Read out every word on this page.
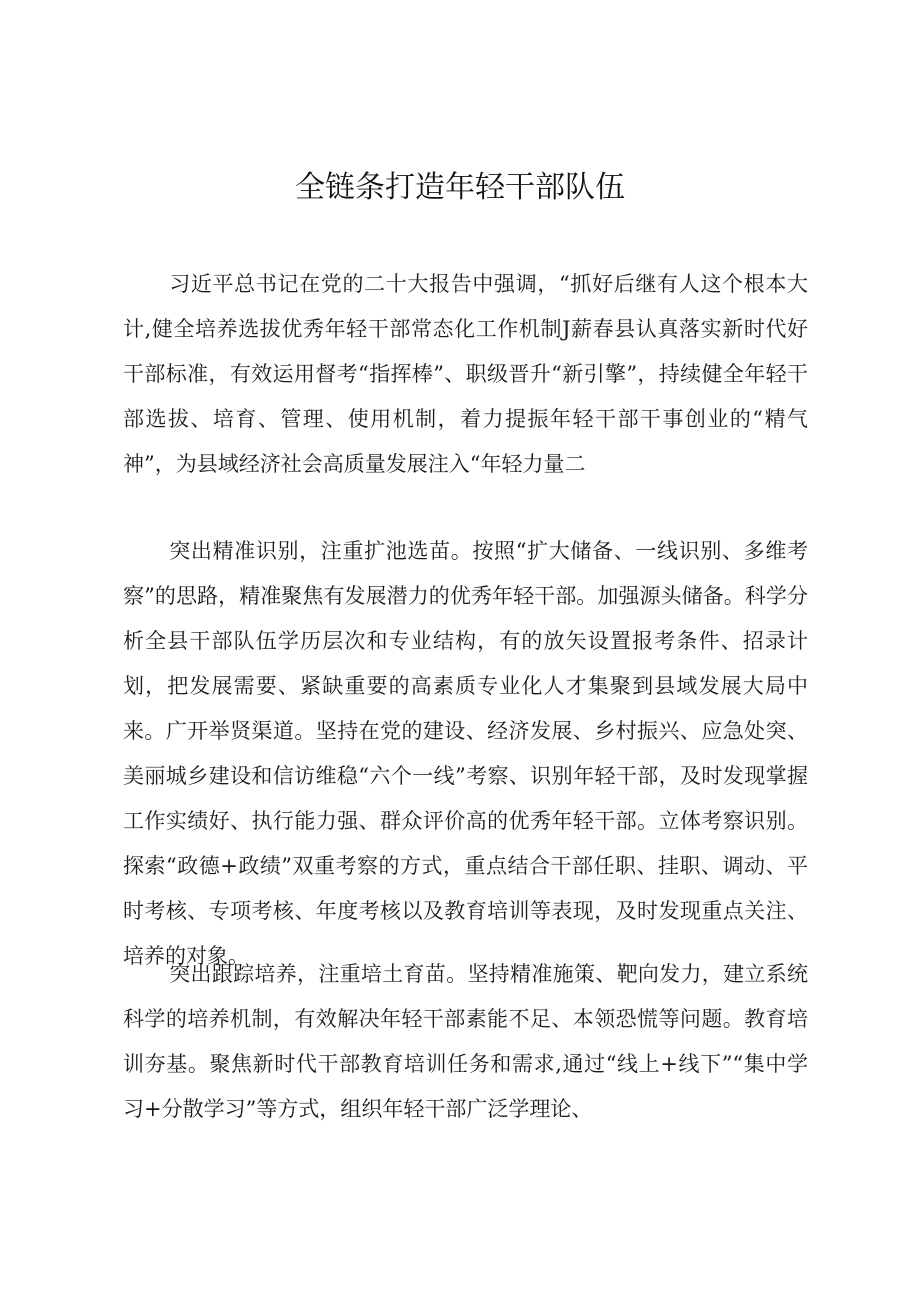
全链条打造年轻干部队伍

习近平总书记在党的二十大报告中强调，“抓好后继有人这个根本大计,健全培养选拔优秀年轻干部常态化工作机制J薪春县认真落实新时代好干部标准，有效运用督考“指挥棒”、职级晋升“新引擎”，持续健全年轻干部选拔、培育、管理、使用机制，着力提振年轻干部干事创业的“精气神”，为县域经济社会高质量发展注入“年轻力量二

突出精准识别，注重扩池选苗。按照“扩大储备、一线识别、多维考察”的思路，精准聚焦有发展潜力的优秀年轻干部。加强源头储备。科学分析全县干部队伍学历层次和专业结构，有的放矢设置报考条件、招录计划，把发展需要、紧缺重要的高素质专业化人才集聚到县域发展大局中来。广开举贤渠道。坚持在党的建设、经济发展、乡村振兴、应急处突、美丽城乡建设和信访维稳“六个一线”考察、识别年轻干部，及时发现掌握工作实绩好、执行能力强、群众评价高的优秀年轻干部。立体考察识别。探索“政德+政绩”双重考察的方式，重点结合干部任职、挂职、调动、平时考核、专项考核、年度考核以及教育培训等表现，及时发现重点关注、培养的对象。

突出跟踪培养，注重培土育苗。坚持精准施策、靶向发力，建立系统科学的培养机制，有效解决年轻干部素能不足、本领恐慌等问题。教育培训夯基。聚焦新时代干部教育培训任务和需求,通过“线上+线下”“集中学习+分散学习”等方式，组织年轻干部广泛学理论、
